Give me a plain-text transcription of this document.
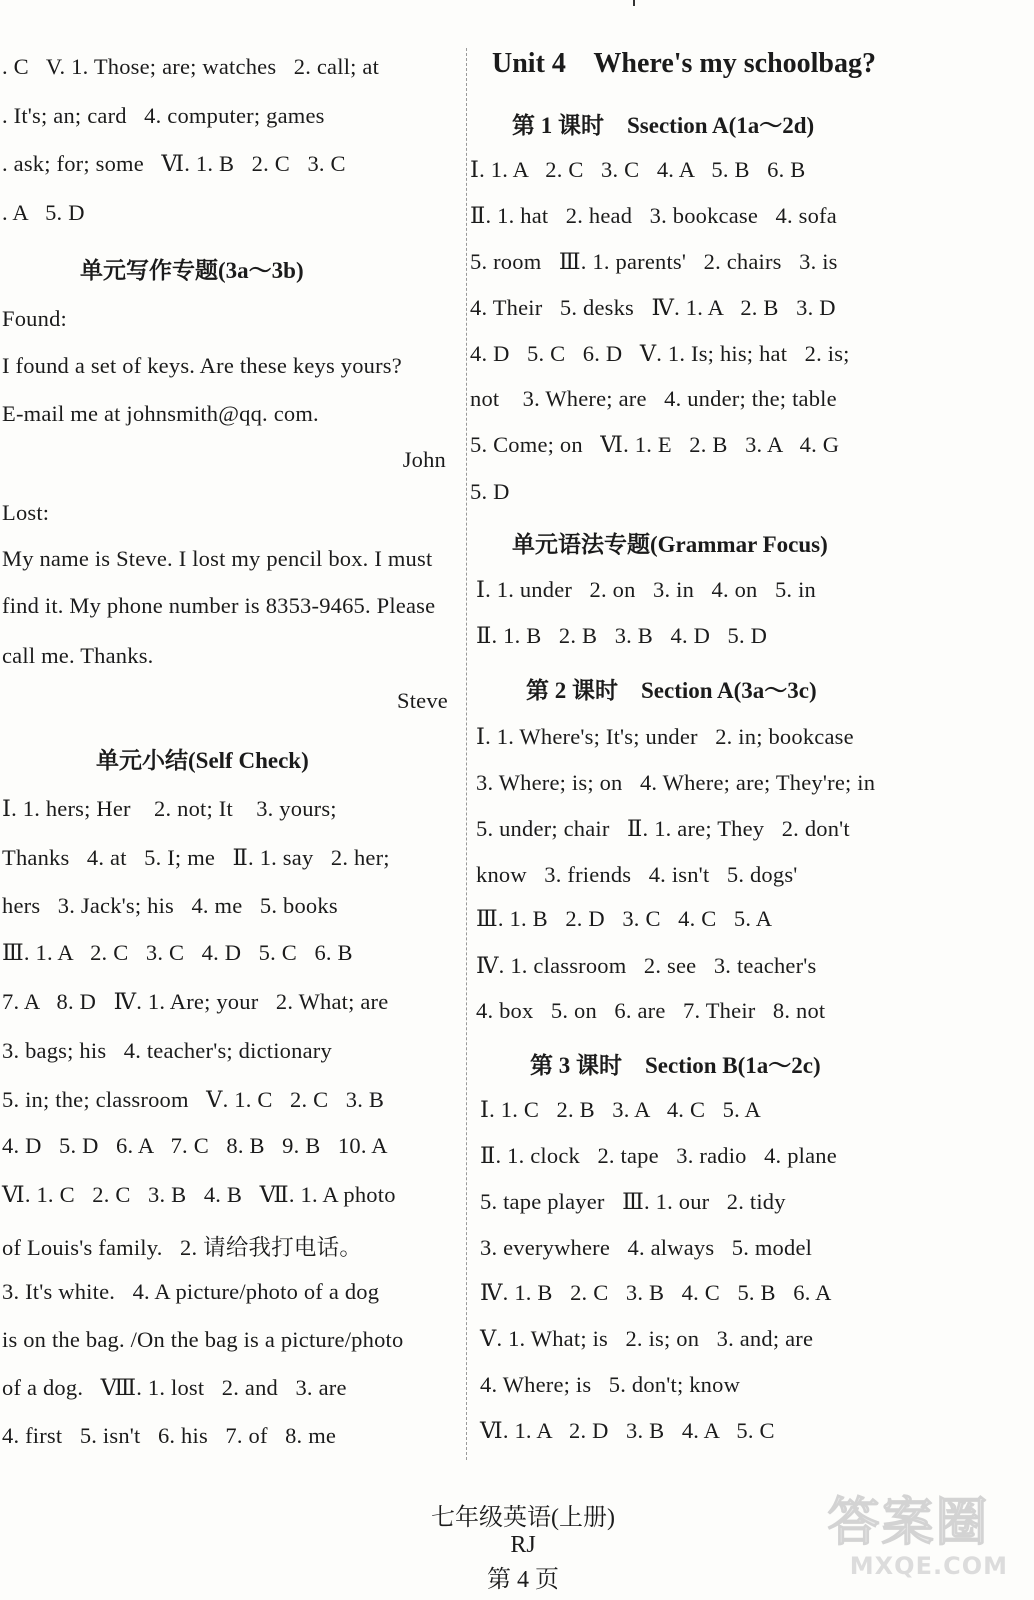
. C   V. 1. Those; are; watches   2. call; at
. It's; an; card   4. computer; games
. ask; for; some   Ⅵ. 1. B   2. C   3. C
. A   5. D
单元写作专题(3a～3b)
Found:
I found a set of keys. Are these keys yours?
E-mail me at johnsmith@qq. com.
John
Lost:
My name is Steve. I lost my pencil box. I must
find it. My phone number is 8353-9465. Please
call me. Thanks.
Steve
单元小结(Self Check)
Ⅰ. 1. hers; Her    2. not; It    3. yours;
Thanks   4. at   5. I; me   Ⅱ. 1. say   2. her;
hers   3. Jack's; his   4. me   5. books
Ⅲ. 1. A   2. C   3. C   4. D   5. C   6. B
7. A   8. D   Ⅳ. 1. Are; your   2. What; are
3. bags; his   4. teacher's; dictionary
5. in; the; classroom   Ⅴ. 1. C   2. C   3. B
4. D   5. D   6. A   7. C   8. B   9. B   10. A
Ⅵ. 1. C   2. C   3. B   4. B   Ⅶ. 1. A photo
of Louis's family.   2. 请给我打电话。
3. It's white.   4. A picture/photo of a dog
is on the bag. /On the bag is a picture/photo
of a dog.   Ⅷ. 1. lost   2. and   3. are
4. first   5. isn't   6. his   7. of   8. me
Unit 4    Where's my schoolbag?
第 1 课时    Ssection A(1a～2d)
Ⅰ. 1. A   2. C   3. C   4. A   5. B   6. B
Ⅱ. 1. hat   2. head   3. bookcase   4. sofa
5. room   Ⅲ. 1. parents'   2. chairs   3. is
4. Their   5. desks   Ⅳ. 1. A   2. B   3. D
4. D   5. C   6. D   Ⅴ. 1. Is; his; hat   2. is;
not    3. Where; are   4. under; the; table
5. Come; on   Ⅵ. 1. E   2. B   3. A   4. G
5. D
单元语法专题(Grammar Focus)
Ⅰ. 1. under   2. on   3. in   4. on   5. in
Ⅱ. 1. B   2. B   3. B   4. D   5. D
第 2 课时    Section A(3a～3c)
Ⅰ. 1. Where's; It's; under   2. in; bookcase
3. Where; is; on   4. Where; are; They're; in
5. under; chair   Ⅱ. 1. are; They   2. don't
know   3. friends   4. isn't   5. dogs'
Ⅲ. 1. B   2. D   3. C   4. C   5. A
Ⅳ. 1. classroom   2. see   3. teacher's
4. box   5. on   6. are   7. Their   8. not
第 3 课时    Section B(1a～2c)
Ⅰ. 1. C   2. B   3. A   4. C   5. A
Ⅱ. 1. clock   2. tape   3. radio   4. plane
5. tape player   Ⅲ. 1. our   2. tidy
3. everywhere   4. always   5. model
Ⅳ. 1. B   2. C   3. B   4. C   5. B   6. A
Ⅴ. 1. What; is   2. is; on   3. and; are
4. Where; is   5. don't; know
Ⅵ. 1. A   2. D   3. B   4. A   5. C

七年级英语(上册)
RJ
第 4 页

答案圈
MXQE.COM
